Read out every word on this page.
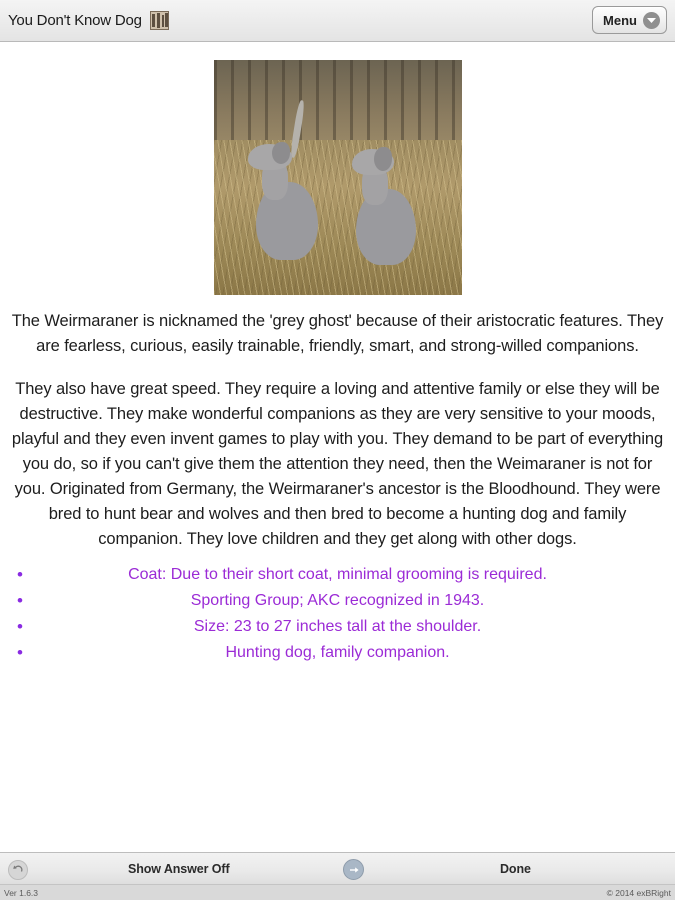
You Don't Know Dog	Menu

The Weirmaraner is nicknamed the 'grey ghost' because of their aristocratic features. They are fearless, curious, easily trainable, friendly, smart, and strong-willed companions.

They also have great speed. They require a loving and attentive family or else they will be destructive. They make wonderful companions as they are very sensitive to your moods, playful and they even invent games to play with you. They demand to be part of everything you do, so if you can't give them the attention they need, then the Weimaraner is not for you. Originated from Germany, the Weirmaraner's ancestor is the Bloodhound. They were bred to hunt bear and wolves and then bred to become a hunting dog and family companion. They love children and they get along with other dogs.

• Coat: Due to their short coat, minimal grooming is required.
• Sporting Group; AKC recognized in 1943.
• Size: 23 to 27 inches tall at the shoulder.
• Hunting dog, family companion.
Show Answer Off	Done
Ver 1.6.3	© 2014 exBRight
